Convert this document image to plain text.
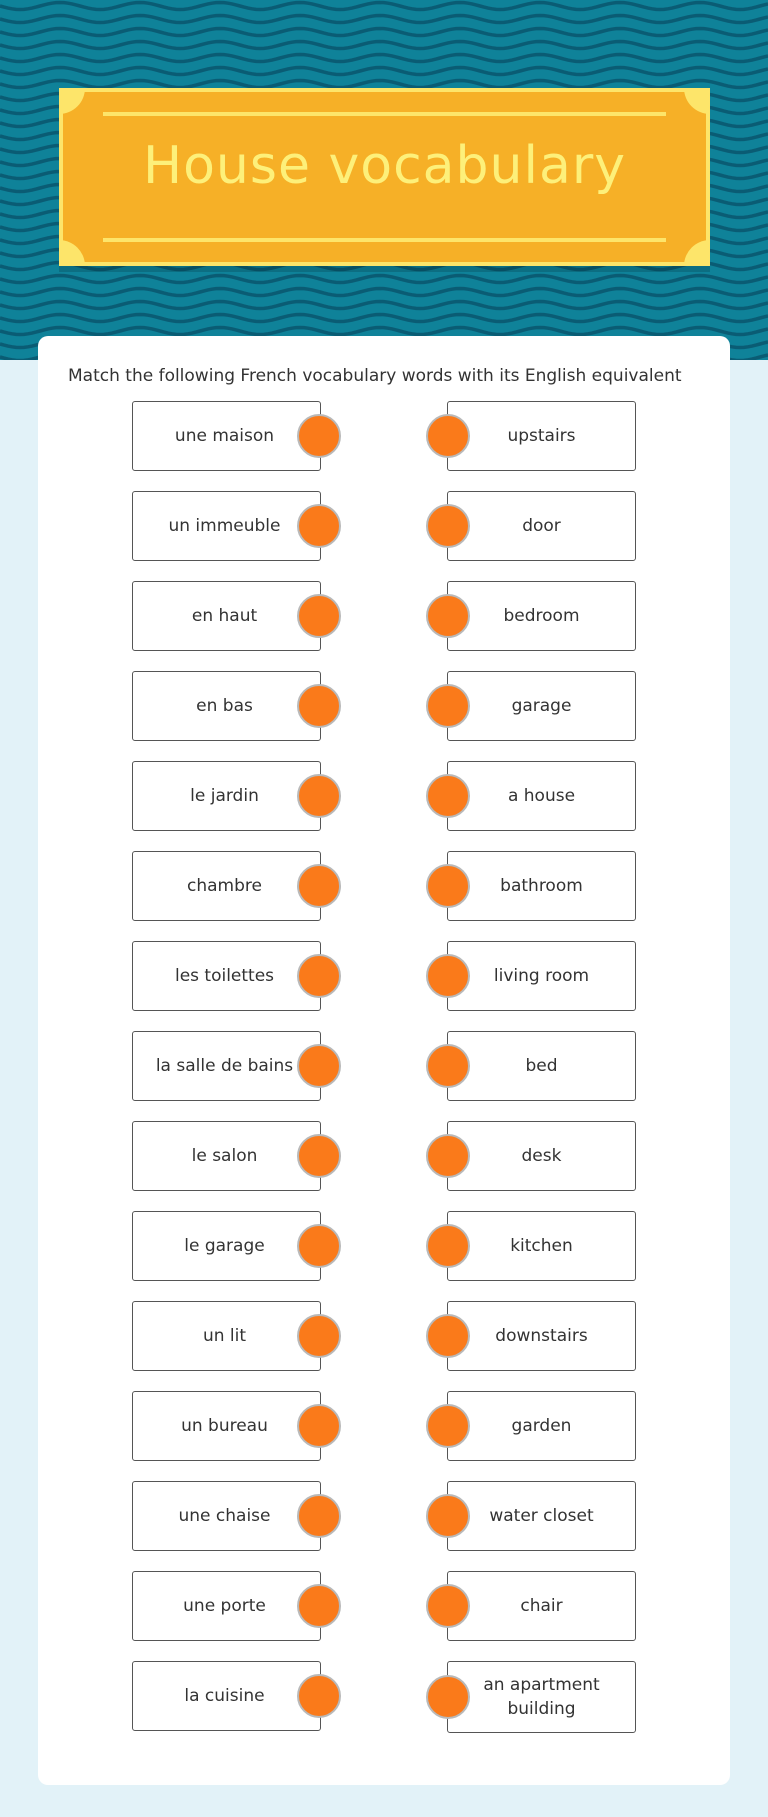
House vocabulary

Match the following French vocabulary words with its English equivalent

une maison
un immeuble
en haut
en bas
le jardin
chambre
les toilettes
la salle de bains
le salon
le garage
un lit
un bureau
une chaise
une porte
la cuisine
upstairs
door
bedroom
garage
a house
bathroom
living room
bed
desk
kitchen
downstairs
garden
water closet
chair
an apartment building
